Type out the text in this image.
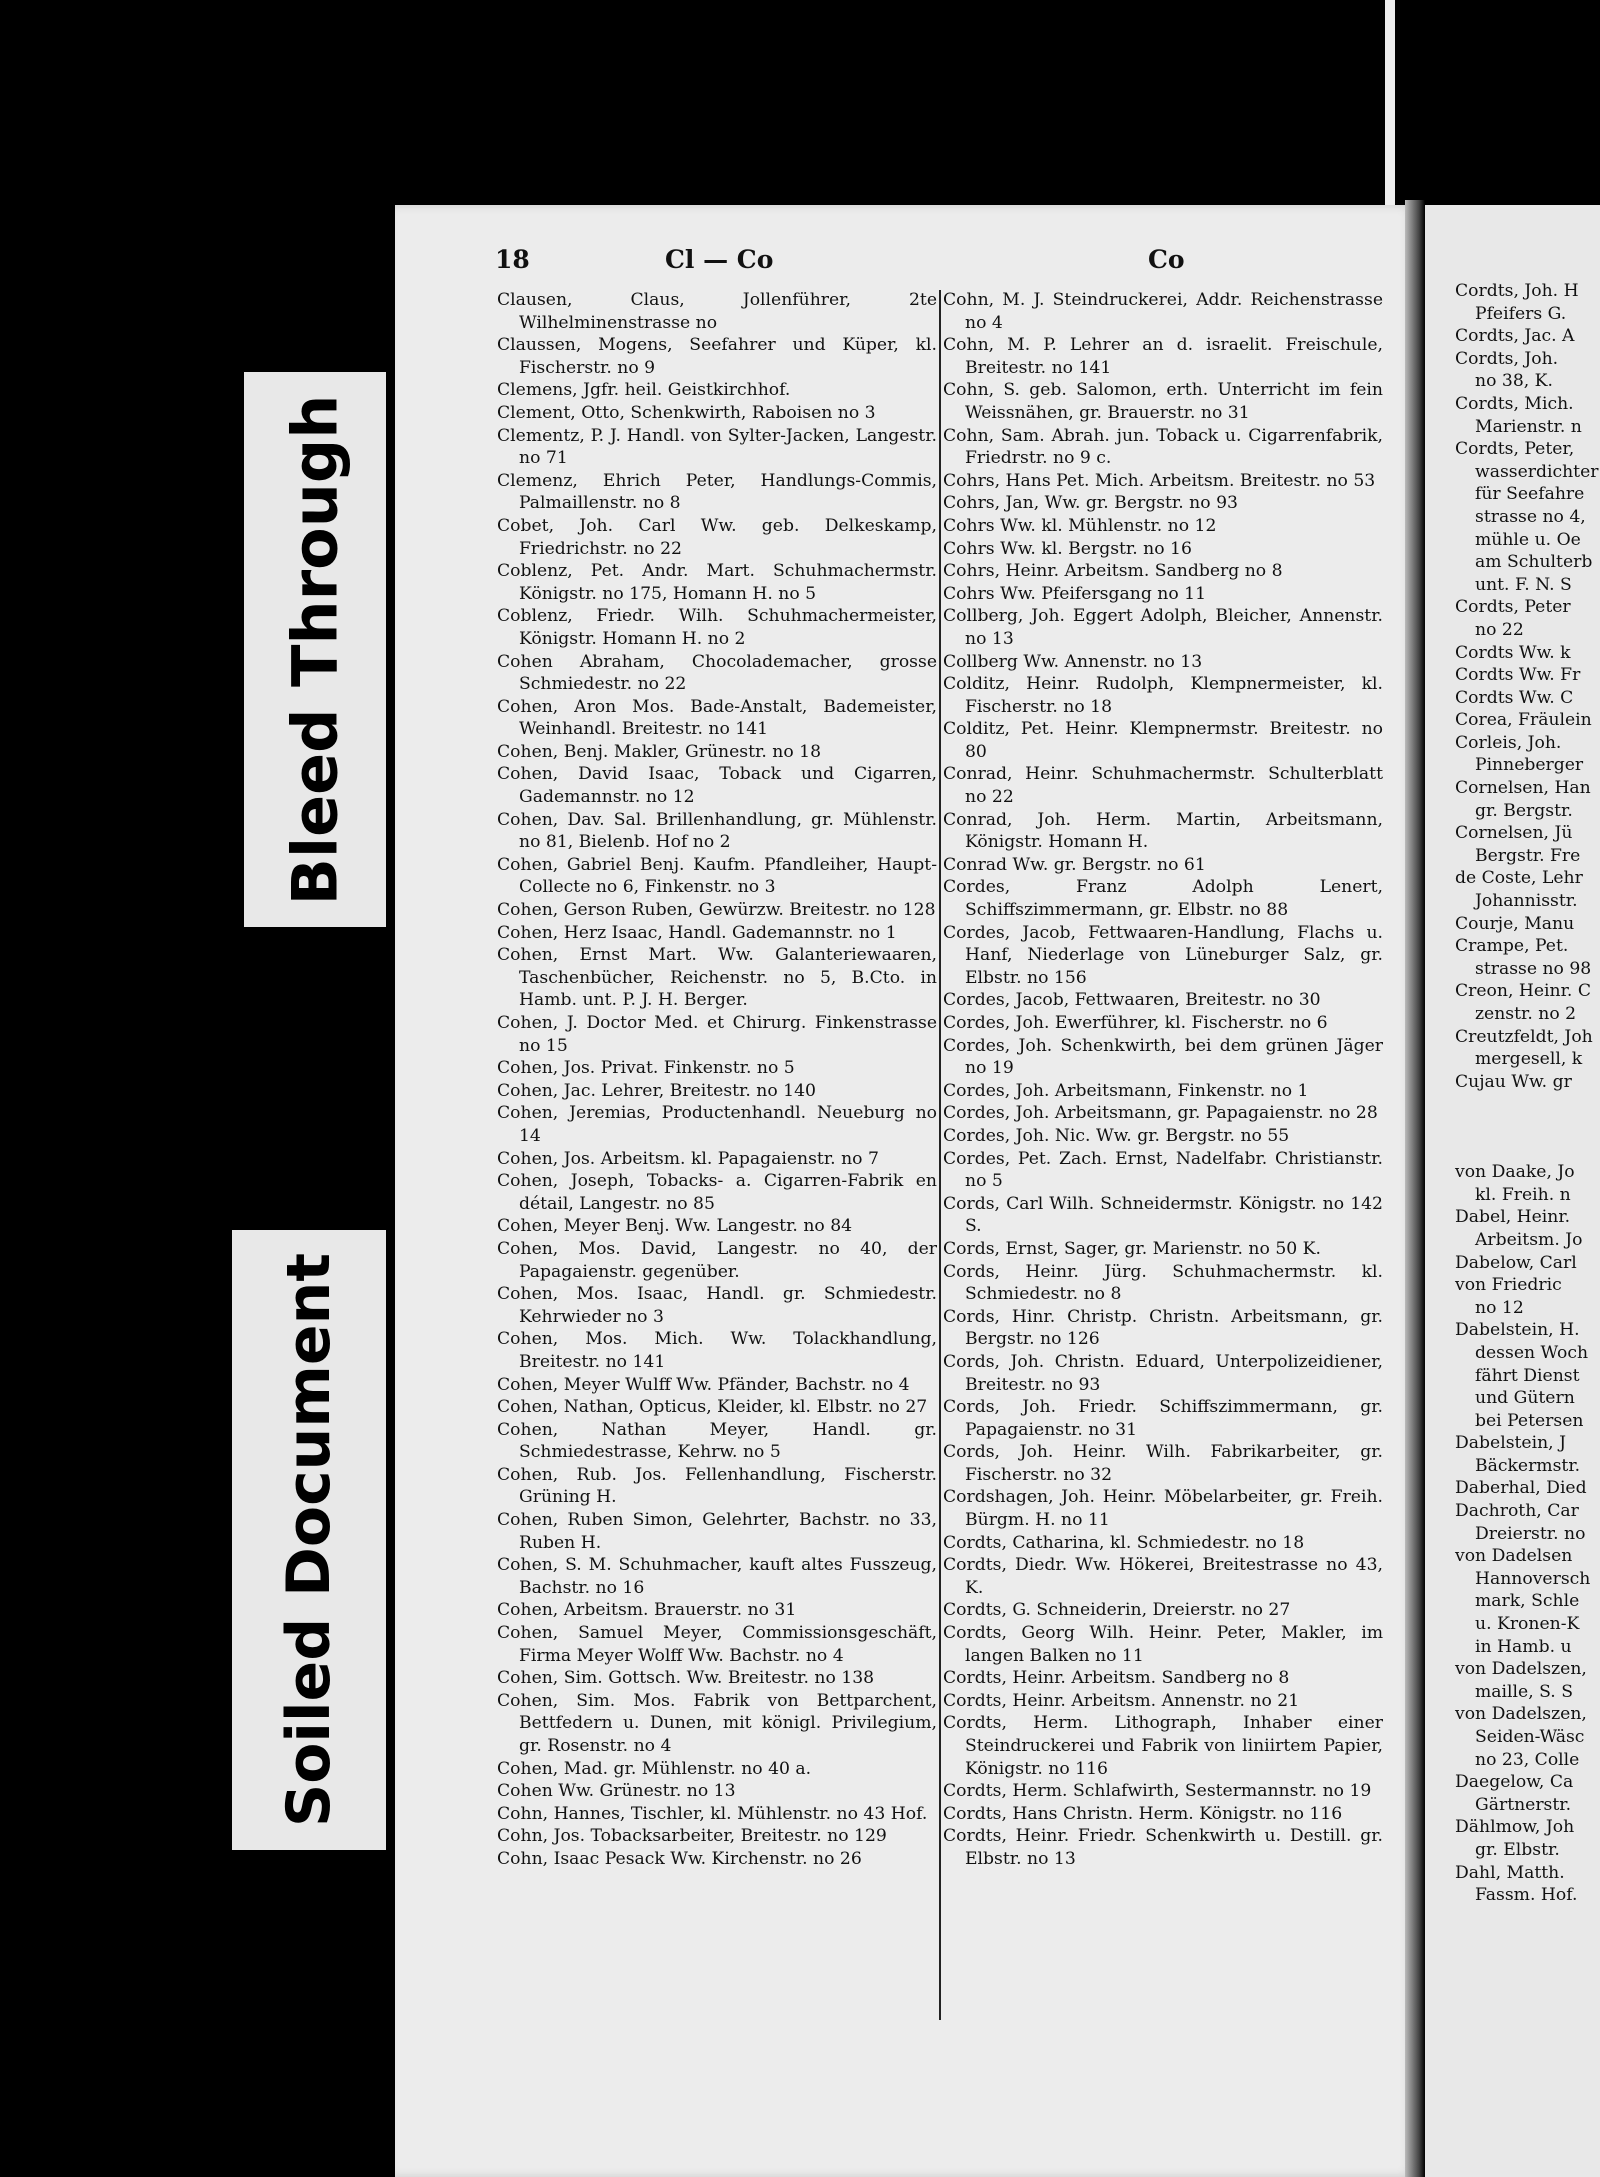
Bleed Through
Soiled Document
18	Cl — Co	Co

Clausen, Claus, Jollenführer, 2te Wilhelminenstrasse no

Claussen, Mogens, Seefahrer und Küper, kl. Fischerstr. no 9

Clemens, Jgfr. heil. Geistkirchhof.

Clement, Otto, Schenkwirth, Raboisen no 3

Clementz, P. J. Handl. von Sylter-Jacken, Langestr. no 71

Clemenz, Ehrich Peter, Handlungs-Commis, Palmaillenstr. no 8

Cobet, Joh. Carl Ww. geb. Delkeskamp, Friedrichstr. no 22

Coblenz, Pet. Andr. Mart. Schuhmachermstr. Königstr. no 175, Homann H. no 5

Coblenz, Friedr. Wilh. Schuhmachermeister, Königstr. Homann H. no 2

Cohen Abraham, Chocolademacher, grosse Schmiedestr. no 22

Cohen, Aron Mos. Bade-Anstalt, Bademeister, Weinhandl. Breitestr. no 141

Cohen, Benj. Makler, Grünestr. no 18

Cohen, David Isaac, Toback und Cigarren, Gademannstr. no 12

Cohen, Dav. Sal. Brillenhandlung, gr. Mühlenstr. no 81, Bielenb. Hof no 2

Cohen, Gabriel Benj. Kaufm. Pfandleiher, Haupt-Collecte no 6, Finkenstr. no 3

Cohen, Gerson Ruben, Gewürzw. Breitestr. no 128

Cohen, Herz Isaac, Handl. Gademannstr. no 1

Cohen, Ernst Mart. Ww. Galanteriewaaren, Taschenbücher, Reichenstr. no 5, B.Cto. in Hamb. unt. P. J. H. Berger.

Cohen, J. Doctor Med. et Chirurg. Finkenstrasse no 15

Cohen, Jos. Privat. Finkenstr. no 5

Cohen, Jac. Lehrer, Breitestr. no 140

Cohen, Jeremias, Productenhandl. Neueburg no 14

Cohen, Jos. Arbeitsm. kl. Papagaienstr. no 7

Cohen, Joseph, Tobacks- a. Cigarren-Fabrik en détail, Langestr. no 85

Cohen, Meyer Benj. Ww. Langestr. no 84

Cohen, Mos. David, Langestr. no 40, der Papagaienstr. gegenüber.

Cohen, Mos. Isaac, Handl. gr. Schmiedestr. Kehrwieder no 3

Cohen, Mos. Mich. Ww. Tolackhandlung, Breitestr. no 141

Cohen, Meyer Wulff Ww. Pfänder, Bachstr. no 4

Cohen, Nathan, Opticus, Kleider, kl. Elbstr. no 27

Cohen, Nathan Meyer, Handl. gr. Schmiedestrasse, Kehrw. no 5

Cohen, Rub. Jos. Fellenhandlung, Fischerstr. Grüning H.

Cohen, Ruben Simon, Gelehrter, Bachstr. no 33, Ruben H.

Cohen, S. M. Schuhmacher, kauft altes Fusszeug, Bachstr. no 16

Cohen, Arbeitsm. Brauerstr. no 31

Cohen, Samuel Meyer, Commissionsgeschäft, Firma Meyer Wolff Ww. Bachstr. no 4

Cohen, Sim. Gottsch. Ww. Breitestr. no 138

Cohen, Sim. Mos. Fabrik von Bettparchent, Bettfedern u. Dunen, mit königl. Privilegium, gr. Rosenstr. no 4

Cohen, Mad. gr. Mühlenstr. no 40 a.

Cohen Ww. Grünestr. no 13

Cohn, Hannes, Tischler, kl. Mühlenstr. no 43 Hof.

Cohn, Jos. Tobacksarbeiter, Breitestr. no 129

Cohn, Isaac Pesack Ww. Kirchenstr. no 26

Cohn, M. J. Steindruckerei, Addr. Reichenstrasse no 4

Cohn, M. P. Lehrer an d. israelit. Freischule, Breitestr. no 141

Cohn, S. geb. Salomon, erth. Unterricht im fein Weissnähen, gr. Brauerstr. no 31

Cohn, Sam. Abrah. jun. Toback u. Cigarrenfabrik, Friedrstr. no 9 c.

Cohrs, Hans Pet. Mich. Arbeitsm. Breitestr. no 53

Cohrs, Jan, Ww. gr. Bergstr. no 93

Cohrs Ww. kl. Mühlenstr. no 12

Cohrs Ww. kl. Bergstr. no 16

Cohrs, Heinr. Arbeitsm. Sandberg no 8

Cohrs Ww. Pfeifersgang no 11

Collberg, Joh. Eggert Adolph, Bleicher, Annenstr. no 13

Collberg Ww. Annenstr. no 13

Colditz, Heinr. Rudolph, Klempnermeister, kl. Fischerstr. no 18

Colditz, Pet. Heinr. Klempnermstr. Breitestr. no 80

Conrad, Heinr. Schuhmachermstr. Schulterblatt no 22

Conrad, Joh. Herm. Martin, Arbeitsmann, Königstr. Homann H.

Conrad Ww. gr. Bergstr. no 61

Cordes, Franz Adolph Lenert, Schiffszimmermann, gr. Elbstr. no 88

Cordes, Jacob, Fettwaaren-Handlung, Flachs u. Hanf, Niederlage von Lüneburger Salz, gr. Elbstr. no 156

Cordes, Jacob, Fettwaaren, Breitestr. no 30

Cordes, Joh. Ewerführer, kl. Fischerstr. no 6

Cordes, Joh. Schenkwirth, bei dem grünen Jäger no 19

Cordes, Joh. Arbeitsmann, Finkenstr. no 1

Cordes, Joh. Arbeitsmann, gr. Papagaienstr. no 28

Cordes, Joh. Nic. Ww. gr. Bergstr. no 55

Cordes, Pet. Zach. Ernst, Nadelfabr. Christianstr. no 5

Cords, Carl Wilh. Schneidermstr. Königstr. no 142 S.

Cords, Ernst, Sager, gr. Marienstr. no 50 K.

Cords, Heinr. Jürg. Schuhmachermstr. kl. Schmiedestr. no 8

Cords, Hinr. Christp. Christn. Arbeitsmann, gr. Bergstr. no 126

Cords, Joh. Christn. Eduard, Unterpolizeidiener, Breitestr. no 93

Cords, Joh. Friedr. Schiffszimmermann, gr. Papagaienstr. no 31

Cords, Joh. Heinr. Wilh. Fabrikarbeiter, gr. Fischerstr. no 32

Cordshagen, Joh. Heinr. Möbelarbeiter, gr. Freih. Bürgm. H. no 11

Cordts, Catharina, kl. Schmiedestr. no 18

Cordts, Diedr. Ww. Hökerei, Breitestrasse no 43, K.

Cordts, G. Schneiderin, Dreierstr. no 27

Cordts, Georg Wilh. Heinr. Peter, Makler, im langen Balken no 11

Cordts, Heinr. Arbeitsm. Sandberg no 8

Cordts, Heinr. Arbeitsm. Annenstr. no 21

Cordts, Herm. Lithograph, Inhaber einer Steindruckerei und Fabrik von liniirtem Papier, Königstr. no 116

Cordts, Herm. Schlafwirth, Sestermannstr. no 19

Cordts, Hans Christn. Herm. Königstr. no 116

Cordts, Heinr. Friedr. Schenkwirth u. Destill. gr. Elbstr. no 13

Cordts, Joh. H

Pfeifers G.

Cordts, Jac. A

Cordts, Joh.

no 38, K.

Cordts, Mich.

Marienstr. n

Cordts, Peter,

wasserdichter

für Seefahre

strasse no 4,

mühle u. Oe

am Schulterb

unt. F. N. S

Cordts, Peter

no 22

Cordts Ww. k

Cordts Ww. Fr

Cordts Ww. C

Corea, Fräulein

Corleis, Joh.

Pinneberger

Cornelsen, Han

gr. Bergstr.

Cornelsen, Jü

Bergstr. Fre

de Coste, Lehr

Johannisstr.

Courje, Manu

Crampe, Pet.

strasse no 98

Creon, Heinr. C

zenstr. no 2

Creutzfeldt, Joh

mergesell, k

Cujau Ww. gr

von Daake, Jo

kl. Freih. n

Dabel, Heinr.

Arbeitsm. Jo

Dabelow, Carl

von Friedric

no 12

Dabelstein, H.

dessen Woch

fährt Dienst

und Gütern

bei Petersen

Dabelstein, J

Bäckermstr.

Daberhal, Died

Dachroth, Car

Dreierstr. no

von Dadelsen

Hannoversch

mark, Schle

u. Kronen-K

in Hamb. u

von Dadelszen,

maille, S. S

von Dadelszen,

Seiden-Wäsc

no 23, Colle

Daegelow, Ca

Gärtnerstr.

Dählmow, Joh

gr. Elbstr.

Dahl, Matth.

Fassm. Hof.
